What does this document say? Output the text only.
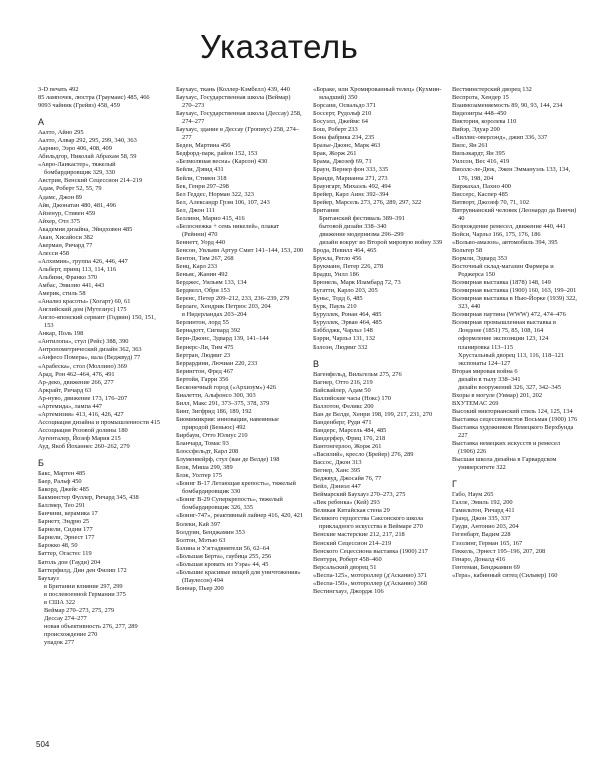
Указатель
3-D печать 492
85 лампочек, люстра (Граумаис) 485, 466
9093 чайник (Грейвз) 458, 459
А
Аалто, Айно 295
Аалто, Алвар 292, 295, 299, 340, 363
Аарнио, Ээро 406, 408, 409
Абильдгор, Николай Абрахам 58, 59
«Авро-Ланкастер», тяжелый бомбардировщик 329, 330
Австрия, Венский Сецессион 214–219
Адам, Роберт 52, 55, 79
Адамс, Джон 89
Айв, Джонатан 480, 481, 496
Айзенур, Стивен 459
Айхер, Отл 375
Академия дизайна, Эйндховен 485
Акан, Хисайоси 382
Акерман, Ричард 77
Алесси 458
«Алхимия», группа 426, 446, 447
Альберт, принц 113, 114, 116
Альбини, Франко 370
Амбас, Эмилио 441, 443
Америк, стиль 58
«Анализ красоты» (Хогарт) 60, 61
Английский дом (Мутезиус) 175
Англо-японский сервант (Годвин) 150, 151, 153
Анкар, Поль 198
«Антилопа», стул (Рейс) 388, 390
Антропометрический дизайн 362, 363
«Анфесо Помера», вала (Веджвуд) 77
«Арабеска», стол (Моллино) 369
Арад, Рон 462–464, 476, 491
Ар-деко, движение 266, 277
Аркрайт, Ричард 63
Ар-нуво, движение 173, 176–207
«Артемида», лампа 447
«Артемизия» 413, 416, 426, 427
Ассоциация дизайна и промышленности 415
Ассоциация Розовой долины 180
Аугенталер, Йозеф Мария 215
Ауд, Якоб Йоханнес 260–262, 279
Б
Бакс, Мартен 485
Баер, Ральф 450
Бакорд, Джейс 485
Бакминстер Фуллер, Ричард 345, 438
Баллмер, Тео 291
Банчини, керамика 17
Барнетт, Эндрю 25
Барнели, Сидни 177
Барнели, Эрнест 177
Барокко 48, 50
Баттер, Огастес 119
Батоль дон (Гауди) 204
Баттерфилд, Дин ден Филип 172
Баухауз
в Британии влияние 297, 299
в послевоенной Германии 375
в США 322
Веймар 270–273, 275, 279
Дессау 274–277
новая объективность 276, 277, 289
происхождение 270
упадок 277
Баухаус, ткань (Коллер-Кэмбелл) 439, 440
Баухаус, Государственная школа (Веймар) 270–273
Баухаус, Государственная школа (Дессау) 258, 274–277
Баухаус, здание в Дессау (Гропиус) 258, 274–277
Беден, Мартина 456
Бедфорд-парк, район 152, 153
«Безмолвная весна» (Карсон) 430
Бейли, Дэвид 431
Бейли, Стивен 318
Бек, Генри 297–298
Бел Геддес, Норман 322, 323
Бел, Александр Грэм 106, 107, 243
Бел, Джон 111
Беллини, Марио 415, 416
«Белоснежка + семь никелей», плакат (Рейнни) 470
Беннетт, Уорд 440
Бенсон, Уильям Артур Смит 141–144, 153, 200
Бентон, Тим 267, 268
Бенц, Карл 233
Беньяс, Жанин 492
Берджес, Уильям 133, 134
Бердвелл, Обри 153
Беренс, Петер 209–212, 233, 236–239, 279
Берлаге, Хендрик Петрюс 203, 204
в Нидерландах 203–204
Берлинтон, лорд 55
Бернадотт, Сигвард 392
Берн-Джонс, Эдвард 139, 141–144
Бернерс-Ли, Тим 475
Бертран, Людвиг 23
Беррардини, Лючиан 220, 233
Берингтон, Фред 467
Бертойя, Гарри 356
Бесконечный город («Архизум») 426
Биалетти, Альфонсо 300, 303
Билл, Макс 291, 373–375, 378, 379
Бинг, Зигфрид 186, 189, 192
Биомимикрия: инновации, навеянные природой (Беньюс) 492
Бирбаум, Отто Юлиус 210
Бланчард, Томас 93
Блоссфельдт, Карл 208
Блуменвейрф, стул (ван де Велде) 198
Блэк, Миша 299, 389
Блэк, Уолтер 175
«Боинг В-17 Летающая крепость», тяжелый бомбардировщик 330
«Боинг В-29 Суперкрепость», тяжелый бомбардировщик 326, 335
«Боинг-747», реактивный лайнер 416, 420, 421
Болеки, Кай 397
Болдуин, Бенджамин 353
Болтон, Мэтью 63
Бэлина и Уэггадвиятели 56, 62–64
«Большая Берта», гаубица 255, 256
«Большая кровать из Уэра» 44, 45
«Большие красивые вещей для уничтожения» (Паулесон) 494
Боннар, Пьер 200
«Бораке, или Хромированный телец» (Кухмин-младший) 350
Борсани, Освальдо 371
Боссерт, Рудольф 210
Босуэлл, Джеймс 64
Бош, Роберт 233
Бона фабрика 234, 235
Бразье-Джонс, Марк 463
Брак, Жорж 261
Брама, Джозеф 69, 71
Браун, Вернер фон 333, 335
Бранди, Марианна 271, 273
Браунгарт, Михаэль 492, 494
Брейер, Карл Аинс 392–394
Брейер, Марсель 273, 276, 289, 297, 322
Британия
Британский фестиваль 389–391
бытовой дизайн 338–340
движение модернизма 296–299
дизайн вокруг во Второй мировую войну 339
Брода, Невилл 464, 465
Брукла, Регло 456
Брукманн, Петер 226, 278
Брадш, Уилл 186
Брюнель, Марк Изамбард 72, 73
Бугатти, Карло 203, 205
Буньс, Тодд 6, 485
Бурк, Пауль 210
Буруллек, Ронан 464, 485
Буруллек, Эрван 464, 485
Бэбблджк, Чарльз 148
Бэрри, Чарльз 131, 132
Бэлоэн, Людвиг 332
В
Вагенфельд, Вильгельм 275, 276
Вагнер, Отто 216, 219
Вайсвайлер, Адам 50
Валлийские часы (Нокс) 170
Валлотон, Феликс 200
Ван де Велде, Хенри 198, 199, 217, 231, 270
Ванденберг, Руди 471
Вандерс, Марсель 484, 485
Вандерфер, Фриц 176, 218
Вантонгерлоо, Жорж 261
«Василий», кресло (Брейер) 276, 289
Вассос, Джон 313
Вегнер, Ханс 395
Веджвуд, Джосайя 76, 77
Вейл, Дэниэл 447
Веймарский Баухауз 270–273, 275
«Век ребенка» (Кей) 293
Великая Китайская стена 29
Великого герцогства Саксонского школа прикладного искусства в Веймаре 270
Венские мастерские 212, 217, 218
Венский Сецессион 214–219
Венского Сецессиона выставка (1900) 217
Вентури, Роберт 458–460
Версальский дворец 51
«Веспа-125», мотороллер (д'Асканио) 371
«Веспа-150», мотороллер (д'Асканио) 368
Вестингхауз, Джордж 106
Вестминстерский дворец 132
Веспрота, Хендер 15
Взаимозаменяемость 89, 90, 93, 144, 234
Видеоигры 448–450
Виктория, королева 110
Вийэр, Эдуар 200
«Виллис-оверлэнд», джип 336, 337
Вилс, Ян 261
Вильзкардт, Ян 395
Уилсон, Вес 416, 419
Виоллс-ле-Дюк, Эжен Эммануэль 133, 134, 176, 198, 204
Виржахал, Пахно 400
Виссерс, Каспер 485
Витворт, Джозеф 70, 71, 102
Витрувианский человек (Леонардо да Винчи) 40
Возрождение ремесел, движение 440, 441
Войси, Чарльз 166, 175, 176, 186
«Вольво-амазон», автомобиль 394, 395
Вольтер 58
Вормли, Эдвард 353
Восточный склад-магазин Фармера и Роджерса 150
Всемирная выставка (1878) 148, 149
Всемирная выставка (1900) 160, 163, 199–201
Всемирная выставка в Нью-Йорке (1939) 322, 323, 440
Всемирная паутина (WWW) 472, 474–476
Всемирная промышленная выставка в Лондоне (1851) 75, 85, 108, 164
оформление экспозиции 123, 124
планировка 113–115
Хрустальный дворец 113, 116, 118–121
экспонаты 124–127
Вторая мировая война 6
дизайн в тылу 338–341
дизайн вооружений 326, 327, 342–345
Вхоры в могуле (Уимар) 201, 202
ВХУТЕМАС 269
Высокий викторианский стиль 124, 125, 134
Выставка сецессионистов Восьмая (1900) 176
Выставка художников Немецкого Верхбунда 227
Выставка немецких искусств и ремесел (1906) 226
Высшая школа дизайна в Гарвардском университете 322
Г
Габо, Наум 265
Галле, Эмиль 192, 200
Гамильтон, Ричард 411
Гранд, Джон 335, 337
Гауди, Антонио 203, 204
Гегенбарт, Вадим 228
Гээзлинг, Герман 165, 167
Геккель, Эрнест 195–196, 207, 208
Генаро, Доналд 416
Гентемаи, Бенджамин 69
«Гера», кабинный ситец (Сильвер) 160
504
